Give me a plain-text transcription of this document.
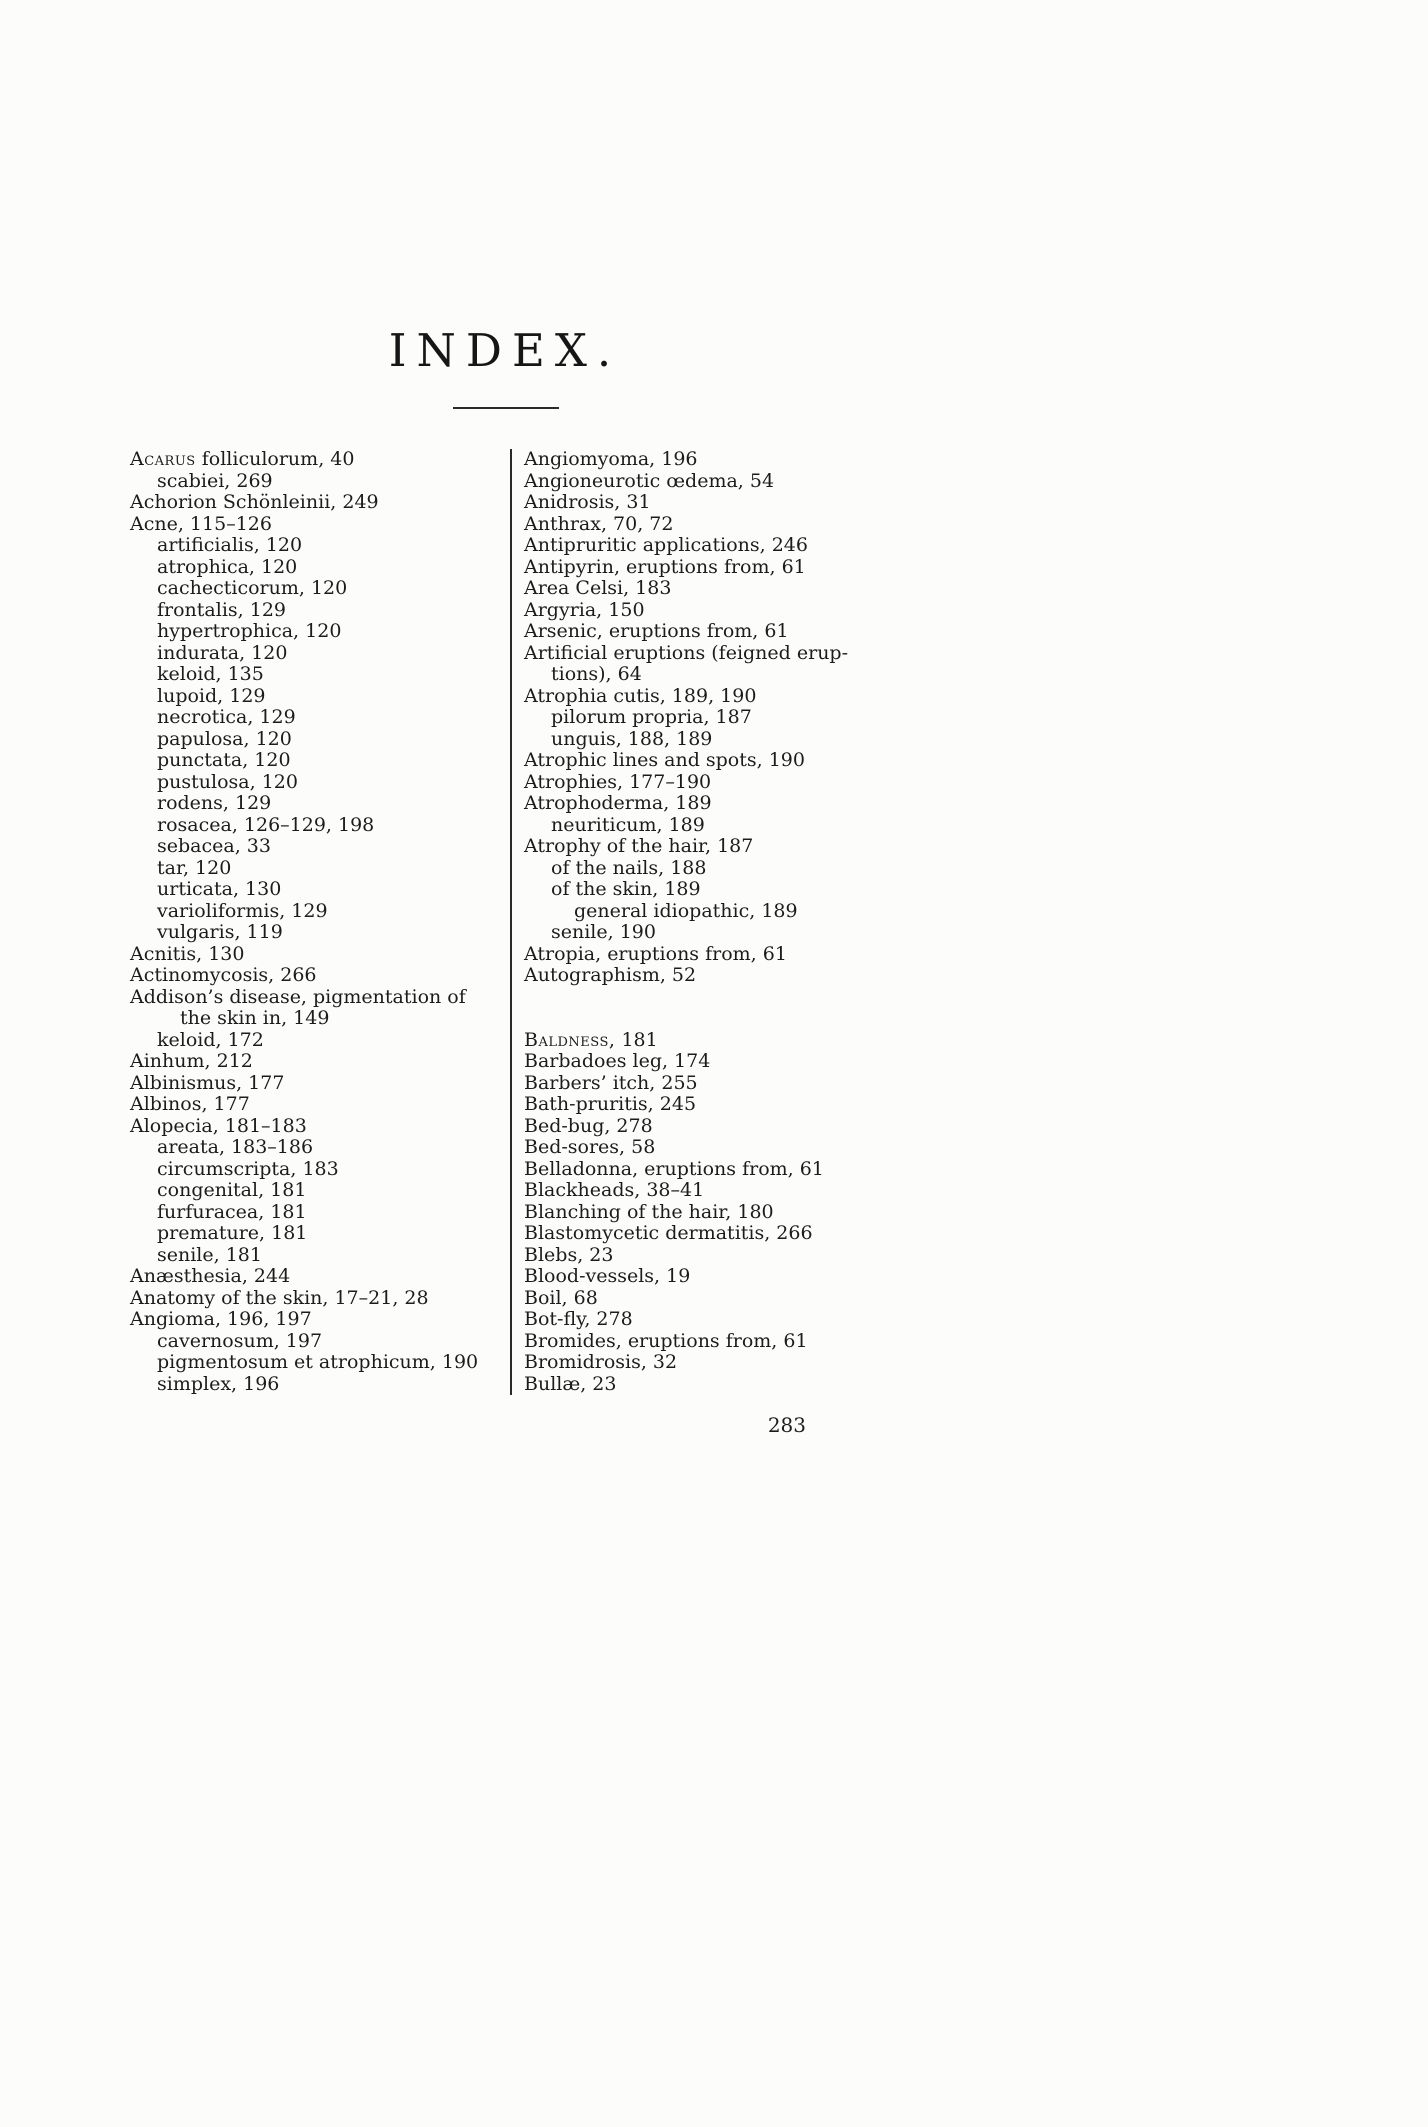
INDEX.
Acarus folliculorum, 40
scabiei, 269
Achorion Schönleinii, 249
Acne, 115–126
artificialis, 120
atrophica, 120
cachecticorum, 120
frontalis, 129
hypertrophica, 120
indurata, 120
keloid, 135
lupoid, 129
necrotica, 129
papulosa, 120
punctata, 120
pustulosa, 120
rodens, 129
rosacea, 126–129, 198
sebacea, 33
tar, 120
urticata, 130
varioliformis, 129
vulgaris, 119
Acnitis, 130
Actinomycosis, 266
Addison’s disease, pigmentation of
the skin in, 149
keloid, 172
Ainhum, 212
Albinismus, 177
Albinos, 177
Alopecia, 181–183
areata, 183–186
circumscripta, 183
congenital, 181
furfuracea, 181
premature, 181
senile, 181
Anæsthesia, 244
Anatomy of the skin, 17–21, 28
Angioma, 196, 197
cavernosum, 197
pigmentosum et atrophicum, 190
simplex, 196
Angiomyoma, 196
Angioneurotic œdema, 54
Anidrosis, 31
Anthrax, 70, 72
Antipruritic applications, 246
Antipyrin, eruptions from, 61
Area Celsi, 183
Argyria, 150
Arsenic, eruptions from, 61
Artificial eruptions (feigned erup-
tions), 64
Atrophia cutis, 189, 190
pilorum propria, 187
unguis, 188, 189
Atrophic lines and spots, 190
Atrophies, 177–190
Atrophoderma, 189
neuriticum, 189
Atrophy of the hair, 187
of the nails, 188
of the skin, 189
general idiopathic, 189
senile, 190
Atropia, eruptions from, 61
Autographism, 52
Baldness, 181
Barbadoes leg, 174
Barbers’ itch, 255
Bath-pruritis, 245
Bed-bug, 278
Bed-sores, 58
Belladonna, eruptions from, 61
Blackheads, 38–41
Blanching of the hair, 180
Blastomycetic dermatitis, 266
Blebs, 23
Blood-vessels, 19
Boil, 68
Bot-fly, 278
Bromides, eruptions from, 61
Bromidrosis, 32
Bullæ, 23
283
